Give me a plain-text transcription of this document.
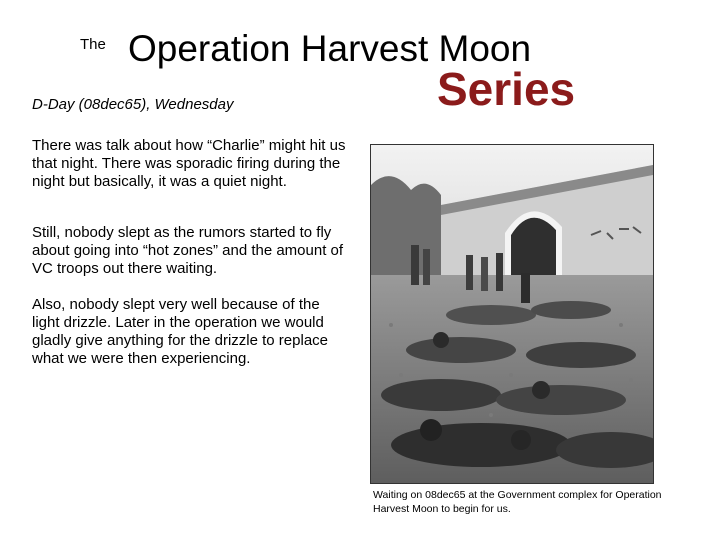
The Operation Harvest Moon
Series
D-Day (08dec65), Wednesday

There was talk about how “Charlie” might hit us that night. There was sporadic firing during the night but basically, it was a quiet night.

Still, nobody slept as the rumors started to fly about going into “hot zones” and the amount of VC troops out there waiting.

Also, nobody slept very well because of the light drizzle. Later in the operation we would gladly give anything for the drizzle to replace what we were then experiencing.

Waiting on 08dec65 at the Government complex for Operation Harvest Moon to begin for us.
